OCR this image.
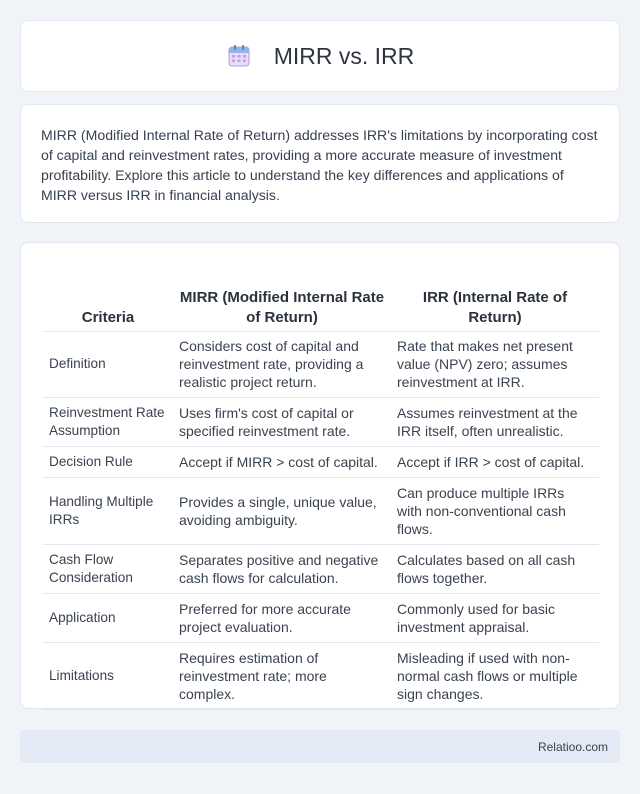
MIRR vs. IRR

MIRR (Modified Internal Rate of Return) addresses IRR's limitations by incorporating cost of capital and reinvestment rates, providing a more accurate measure of investment profitability. Explore this article to understand the key differences and applications of MIRR versus IRR in financial analysis.

Criteria	MIRR (Modified Internal Rate of Return)	IRR (Internal Rate of Return)
Definition	Considers cost of capital and reinvestment rate, providing a realistic project return.	Rate that makes net present value (NPV) zero; assumes reinvestment at IRR.
Reinvestment Rate Assumption	Uses firm's cost of capital or specified reinvestment rate.	Assumes reinvestment at the IRR itself, often unrealistic.
Decision Rule	Accept if MIRR > cost of capital.	Accept if IRR > cost of capital.
Handling Multiple IRRs	Provides a single, unique value, avoiding ambiguity.	Can produce multiple IRRs with non-conventional cash flows.
Cash Flow Consideration	Separates positive and negative cash flows for calculation.	Calculates based on all cash flows together.
Application	Preferred for more accurate project evaluation.	Commonly used for basic investment appraisal.
Limitations	Requires estimation of reinvestment rate; more complex.	Misleading if used with non-normal cash flows or multiple sign changes.
Relatioo.com
